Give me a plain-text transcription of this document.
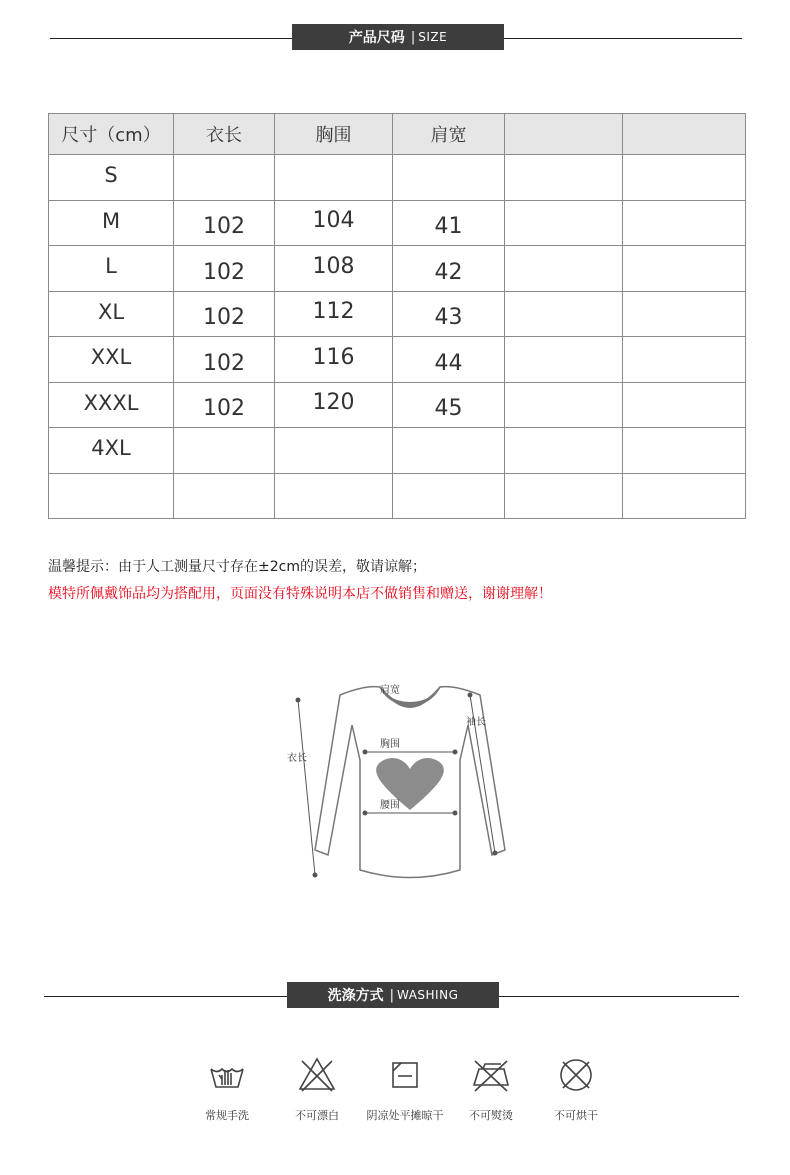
产品尺码 | SIZE
尺寸（cm）	衣长	胸围	肩宽		
S					
M	102	104	41		
L	102	108	42		
XL	102	112	43		
XXL	102	116	44		
XXXL	102	120	45		
4XL					

温馨提示：由于人工测量尺寸存在±2cm的误差，敬请谅解；
模特所佩戴饰品均为搭配用，页面没有特殊说明本店不做销售和赠送，谢谢理解！
肩宽
袖长
胸围
腰围
衣长
洗涤方式 | WASHING
常规手洗	不可漂白	阴凉处平摊晾干	不可熨烫	不可烘干
